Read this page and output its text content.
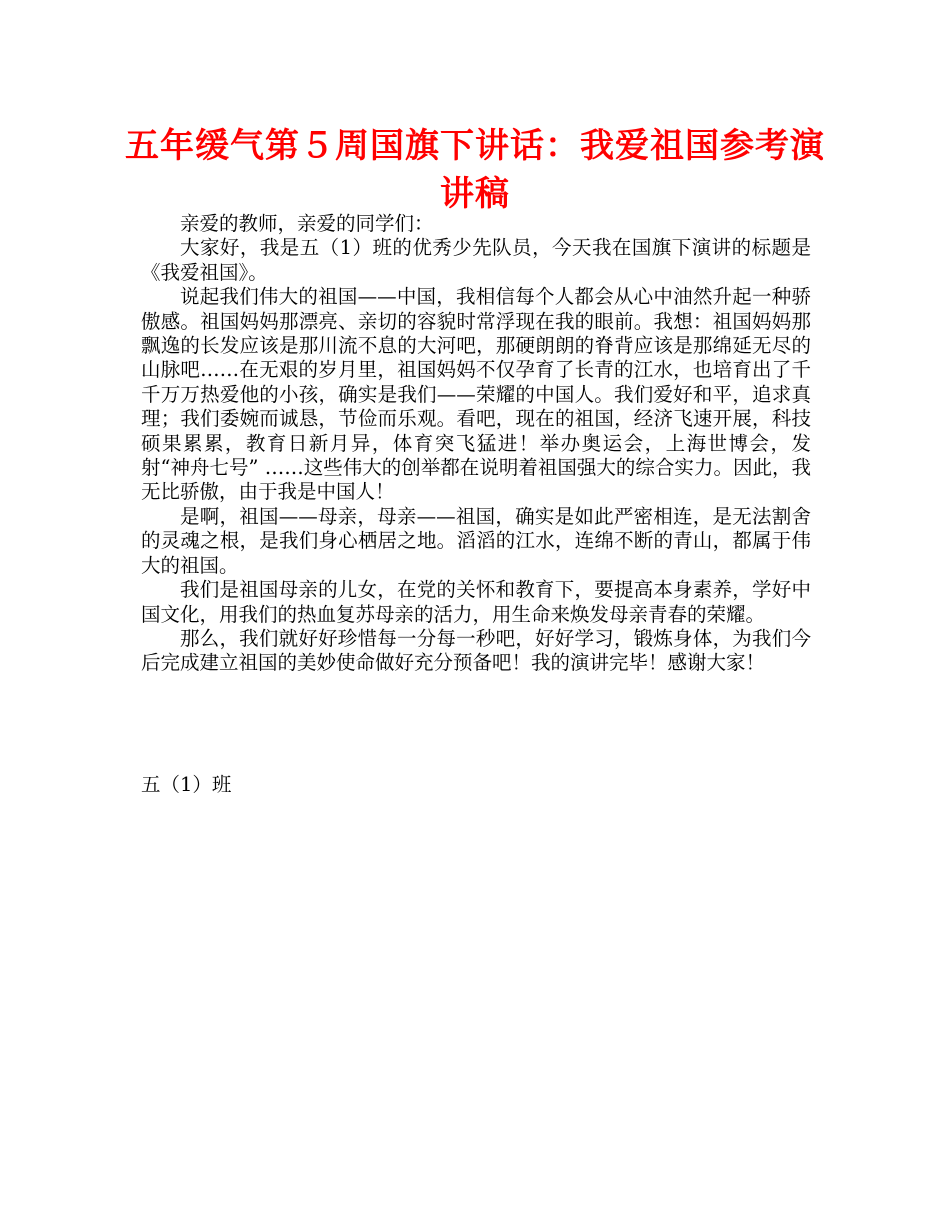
五年缓气第５周国旗下讲话：我爱祖国参考演讲稿

亲爱的教师，亲爱的同学们：

大家好，我是五（1）班的优秀少先队员，今天我在国旗下演讲的标题是《我爱祖国》。

说起我们伟大的祖国——中国，我相信每个人都会从心中油然升起一种骄傲感。祖国妈妈那漂亮、亲切的容貌时常浮现在我的眼前。我想：祖国妈妈那飘逸的长发应该是那川流不息的大河吧，那硬朗朗的脊背应该是那绵延无尽的山脉吧……在无艰的岁月里，祖国妈妈不仅孕育了长青的江水，也培育出了千千万万热爱他的小孩，确实是我们——荣耀的中国人。我们爱好和平，追求真理；我们委婉而诚恳，节俭而乐观。看吧，现在的祖国，经济飞速开展，科技硕果累累，教育日新月异，体育突飞猛进！举办奥运会，上海世博会，发射“神舟七号” ……这些伟大的创举都在说明着祖国强大的综合实力。因此，我无比骄傲，由于我是中国人！

是啊，祖国——母亲，母亲——祖国，确实是如此严密相连，是无法割舍的灵魂之根，是我们身心栖居之地。滔滔的江水，连绵不断的青山，都属于伟大的祖国。

我们是祖国母亲的儿女，在党的关怀和教育下，要提高本身素养，学好中国文化，用我们的热血复苏母亲的活力，用生命来焕发母亲青春的荣耀。

那么，我们就好好珍惜每一分每一秒吧，好好学习，锻炼身体，为我们今后完成建立祖国的美妙使命做好充分预备吧！我的演讲完毕！感谢大家！

五（1）班
